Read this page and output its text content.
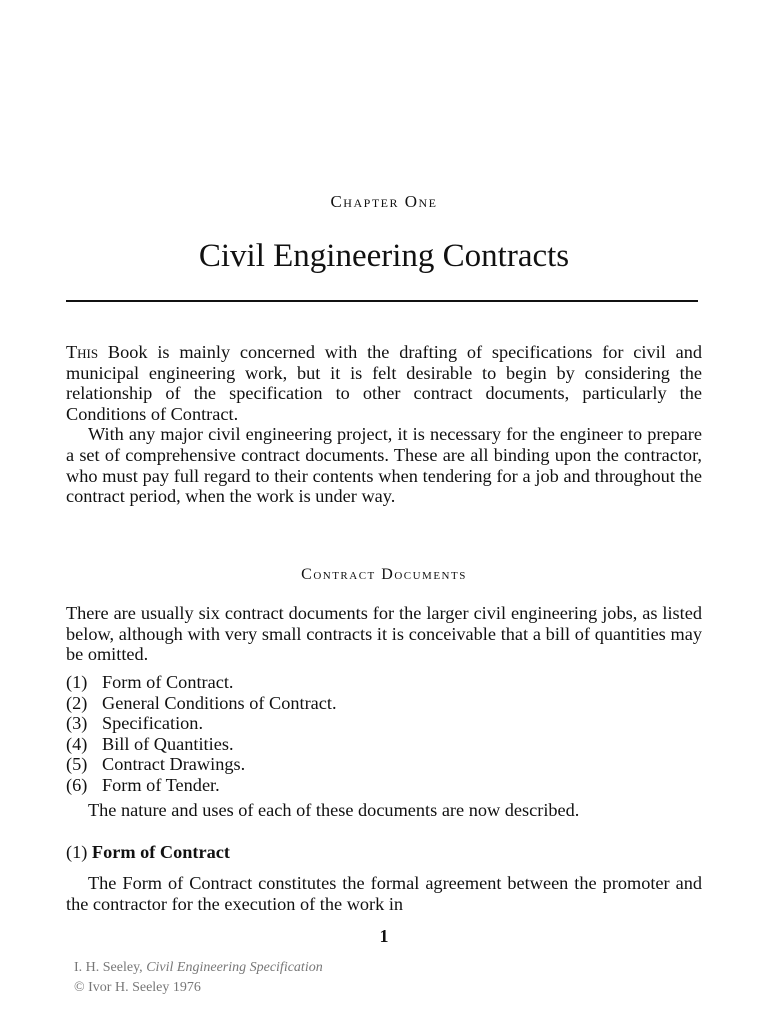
Chapter One
Civil Engineering Contracts

This Book is mainly concerned with the drafting of specifications for civil and municipal engineering work, but it is felt desirable to begin by considering the relationship of the specification to other contract documents, particularly the Conditions of Contract.

With any major civil engineering project, it is necessary for the engineer to prepare a set of comprehensive contract documents. These are all binding upon the contractor, who must pay full regard to their contents when tendering for a job and throughout the contract period, when the work is under way.

Contract Documents

There are usually six contract documents for the larger civil engineering jobs, as listed below, although with very small contracts it is conceivable that a bill of quantities may be omitted.

(1) Form of Contract.
(2) General Conditions of Contract.
(3) Specification.
(4) Bill of Quantities.
(5) Contract Drawings.
(6) Form of Tender.
The nature and uses of each of these documents are now described.
(1) Form of Contract

The Form of Contract constitutes the formal agreement between the promoter and the contractor for the execution of the work in

1
I. H. Seeley, Civil Engineering Specification
© Ivor H. Seeley 1976
